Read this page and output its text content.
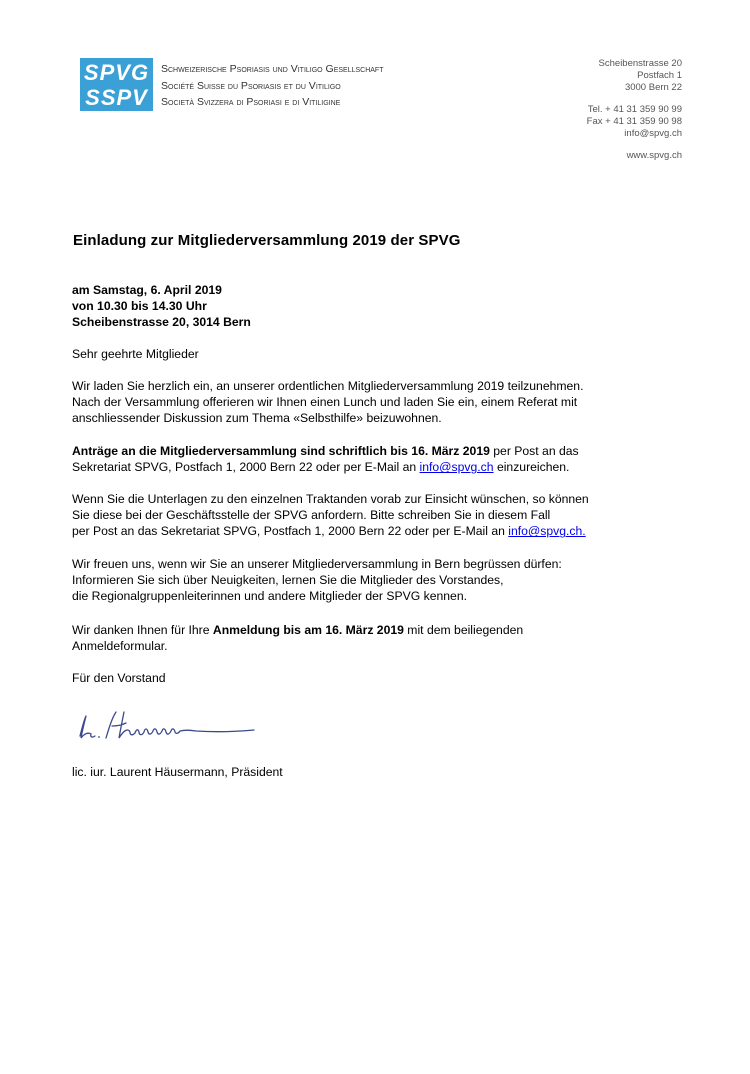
SPVG
SSPV
Schweizerische Psoriasis und Vitiligo Gesellschaft
Société Suisse du Psoriasis et du Vitiligo
Società Svizzera di Psoriasi e di Vitiligine
Scheibenstrasse 20
Postfach 1
3000 Bern 22
Tel. + 41 31 359 90 99
Fax + 41 31 359 90 98
info@spvg.ch
www.spvg.ch
Einladung zur Mitgliederversammlung 2019 der SPVG
am Samstag, 6. April 2019
von 10.30 bis 14.30 Uhr
Scheibenstrasse 20, 3014 Bern
Sehr geehrte Mitglieder
Wir laden Sie herzlich ein, an unserer ordentlichen Mitgliederversammlung 2019 teilzunehmen.
Nach der Versammlung offerieren wir Ihnen einen Lunch und laden Sie ein, einem Referat mit
anschliessender Diskussion zum Thema «Selbsthilfe» beizuwohnen.
Anträge an die Mitgliederversammlung sind schriftlich bis 16. März 2019 per Post an das
Sekretariat SPVG, Postfach 1, 2000 Bern 22 oder per E-Mail an info@spvg.ch einzureichen.
Wenn Sie die Unterlagen zu den einzelnen Traktanden vorab zur Einsicht wünschen, so können
Sie diese bei der Geschäftsstelle der SPVG anfordern. Bitte schreiben Sie in diesem Fall
per Post an das Sekretariat SPVG, Postfach 1, 2000 Bern 22 oder per E-Mail an info@spvg.ch.
Wir freuen uns, wenn wir Sie an unserer Mitgliederversammlung in Bern begrüssen dürfen:
Informieren Sie sich über Neuigkeiten, lernen Sie die Mitglieder des Vorstandes,
die Regionalgruppenleiterinnen und andere Mitglieder der SPVG kennen.
Wir danken Ihnen für Ihre Anmeldung bis am 16. März 2019 mit dem beiliegenden
Anmeldeformular.
Für den Vorstand
lic. iur. Laurent Häusermann, Präsident
